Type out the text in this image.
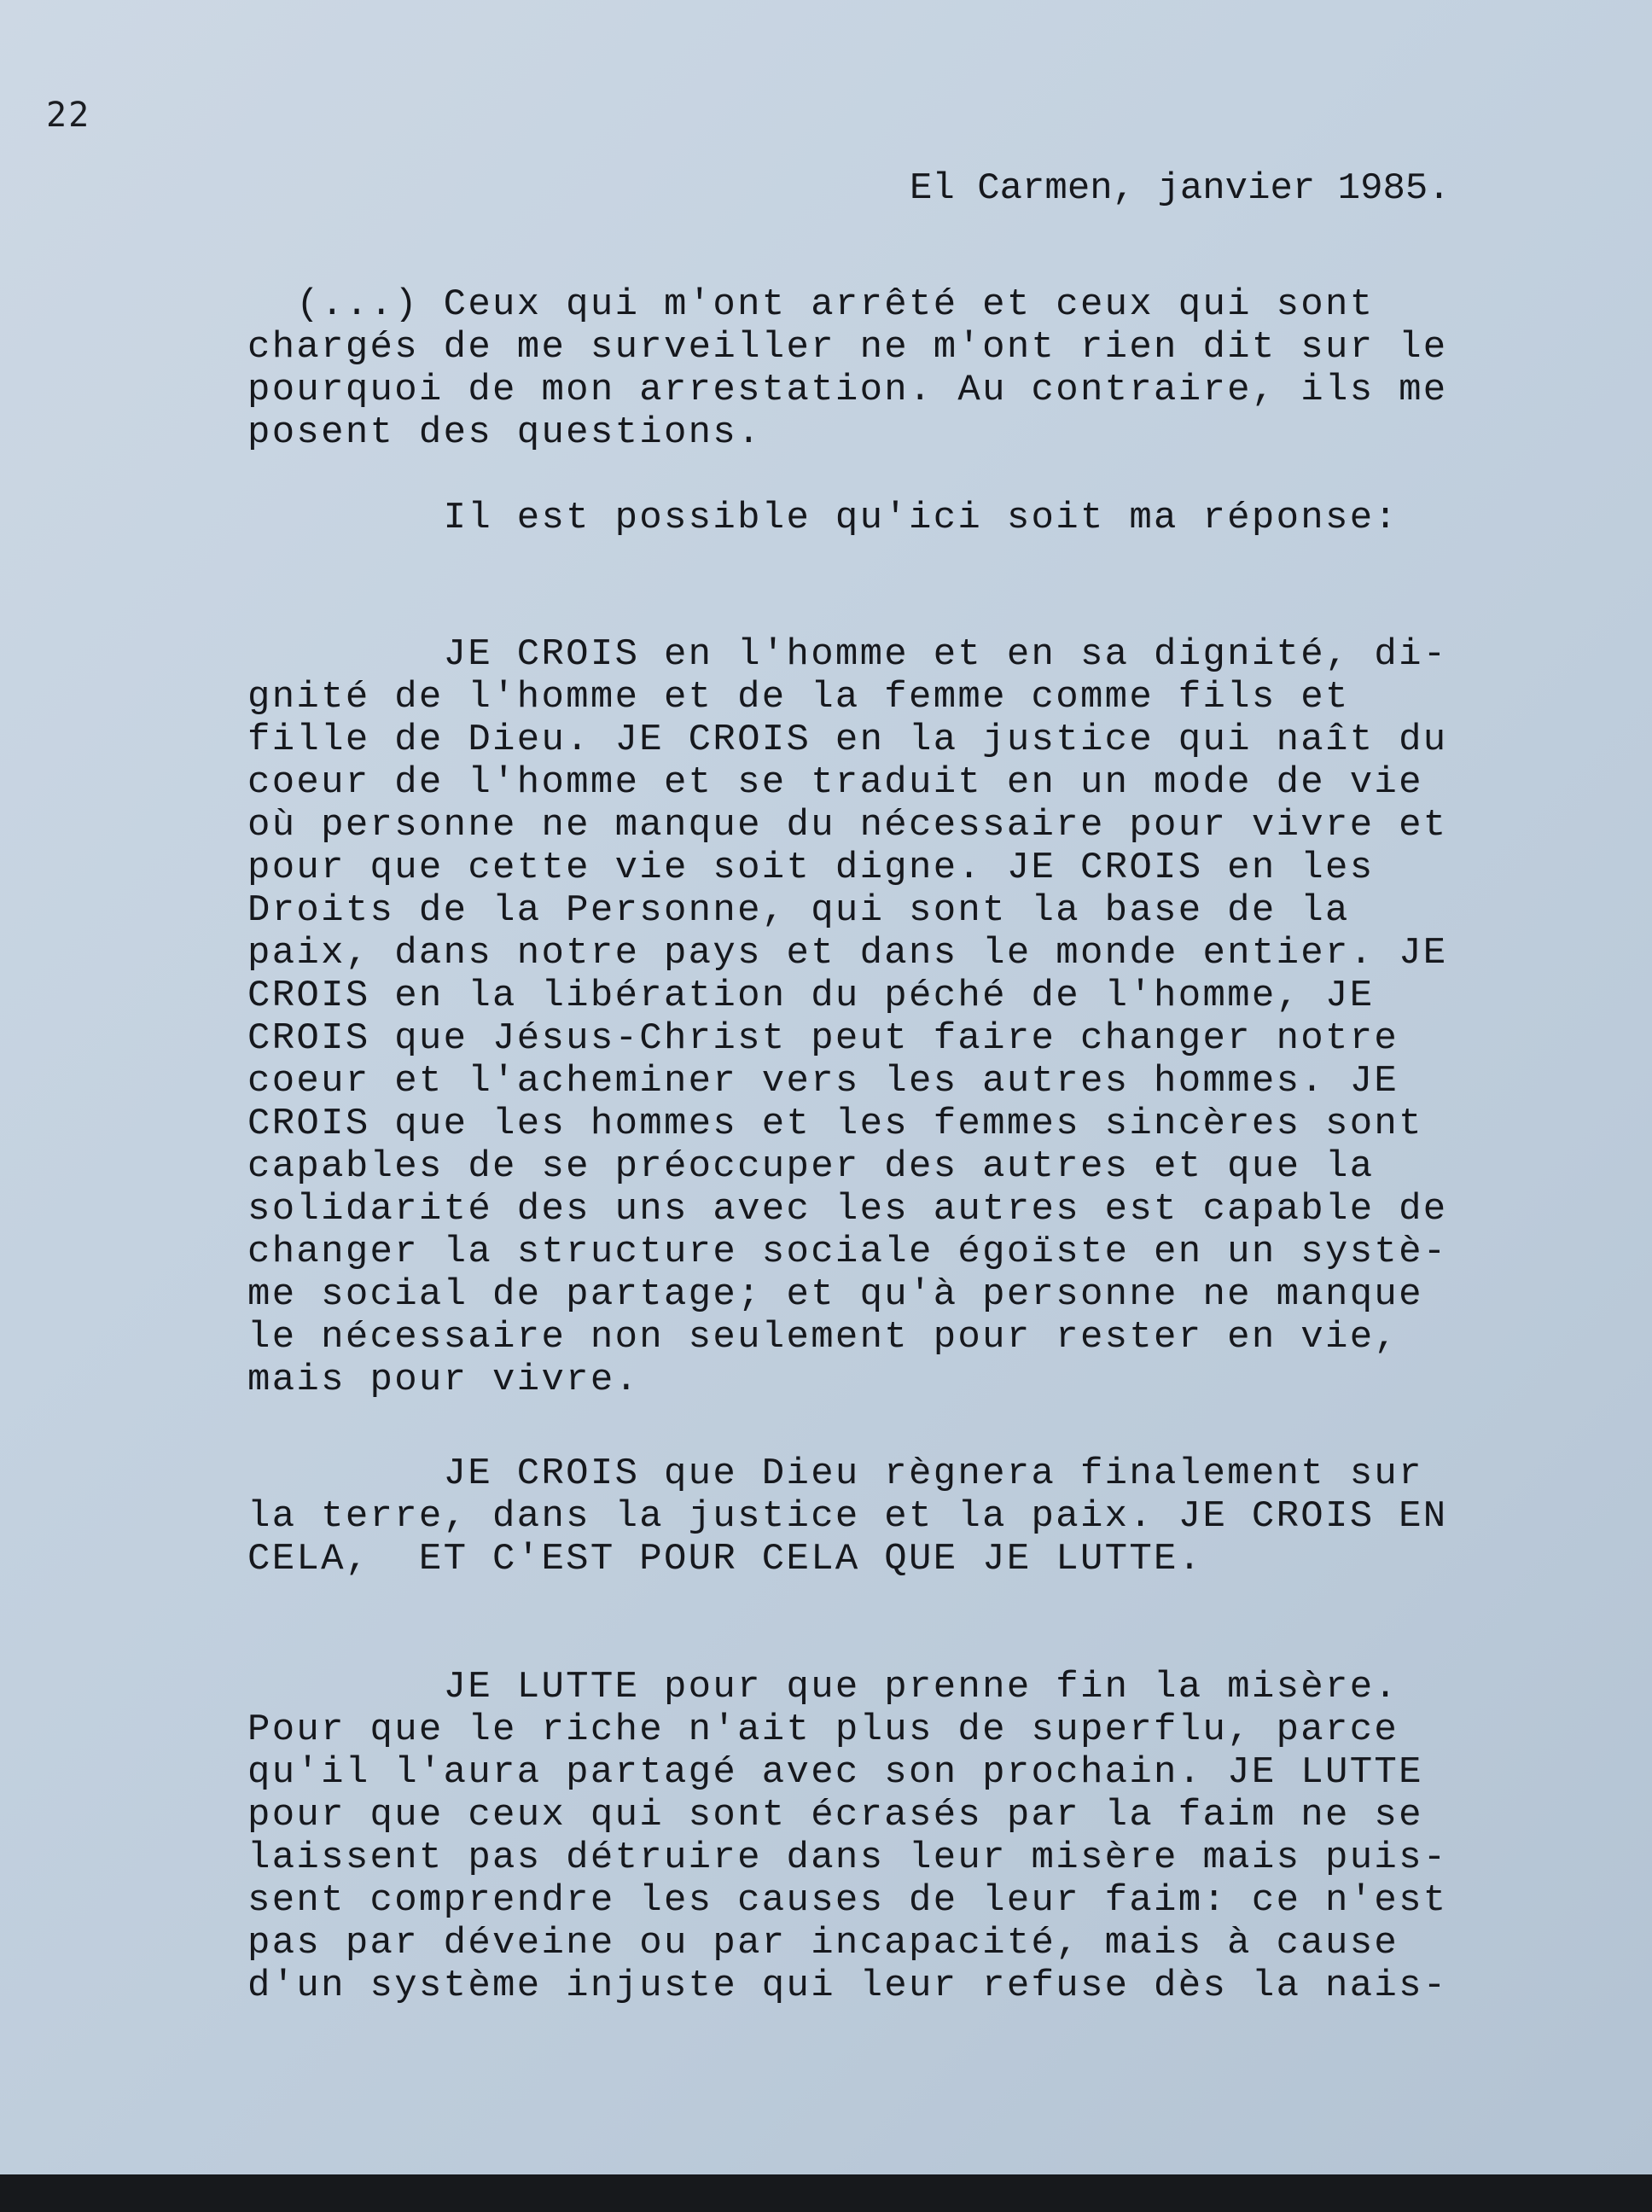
22
El Carmen, janvier 1985.
(...) Ceux qui m'ont arrêté et ceux qui sont
chargés de me surveiller ne m'ont rien dit sur le
pourquoi de mon arrestation. Au contraire, ils me
posent des questions.
Il est possible qu'ici soit ma réponse:
JE CROIS en l'homme et en sa dignité, di-
gnité de l'homme et de la femme comme fils et
fille de Dieu. JE CROIS en la justice qui naît du
coeur de l'homme et se traduit en un mode de vie
où personne ne manque du nécessaire pour vivre et
pour que cette vie soit digne. JE CROIS en les
Droits de la Personne, qui sont la base de la
paix, dans notre pays et dans le monde entier. JE
CROIS en la libération du péché de l'homme, JE
CROIS que Jésus-Christ peut faire changer notre
coeur et l'acheminer vers les autres hommes. JE
CROIS que les hommes et les femmes sincères sont
capables de se préoccuper des autres et que la
solidarité des uns avec les autres est capable de
changer la structure sociale égoïste en un systè-
me social de partage; et qu'à personne ne manque
le nécessaire non seulement pour rester en vie,
mais pour vivre.
JE CROIS que Dieu règnera finalement sur
la terre, dans la justice et la paix. JE CROIS EN
CELA,  ET C'EST POUR CELA QUE JE LUTTE.
JE LUTTE pour que prenne fin la misère.
Pour que le riche n'ait plus de superflu, parce
qu'il l'aura partagé avec son prochain. JE LUTTE
pour que ceux qui sont écrasés par la faim ne se
laissent pas détruire dans leur misère mais puis-
sent comprendre les causes de leur faim: ce n'est
pas par déveine ou par incapacité, mais à cause
d'un système injuste qui leur refuse dès la nais-
